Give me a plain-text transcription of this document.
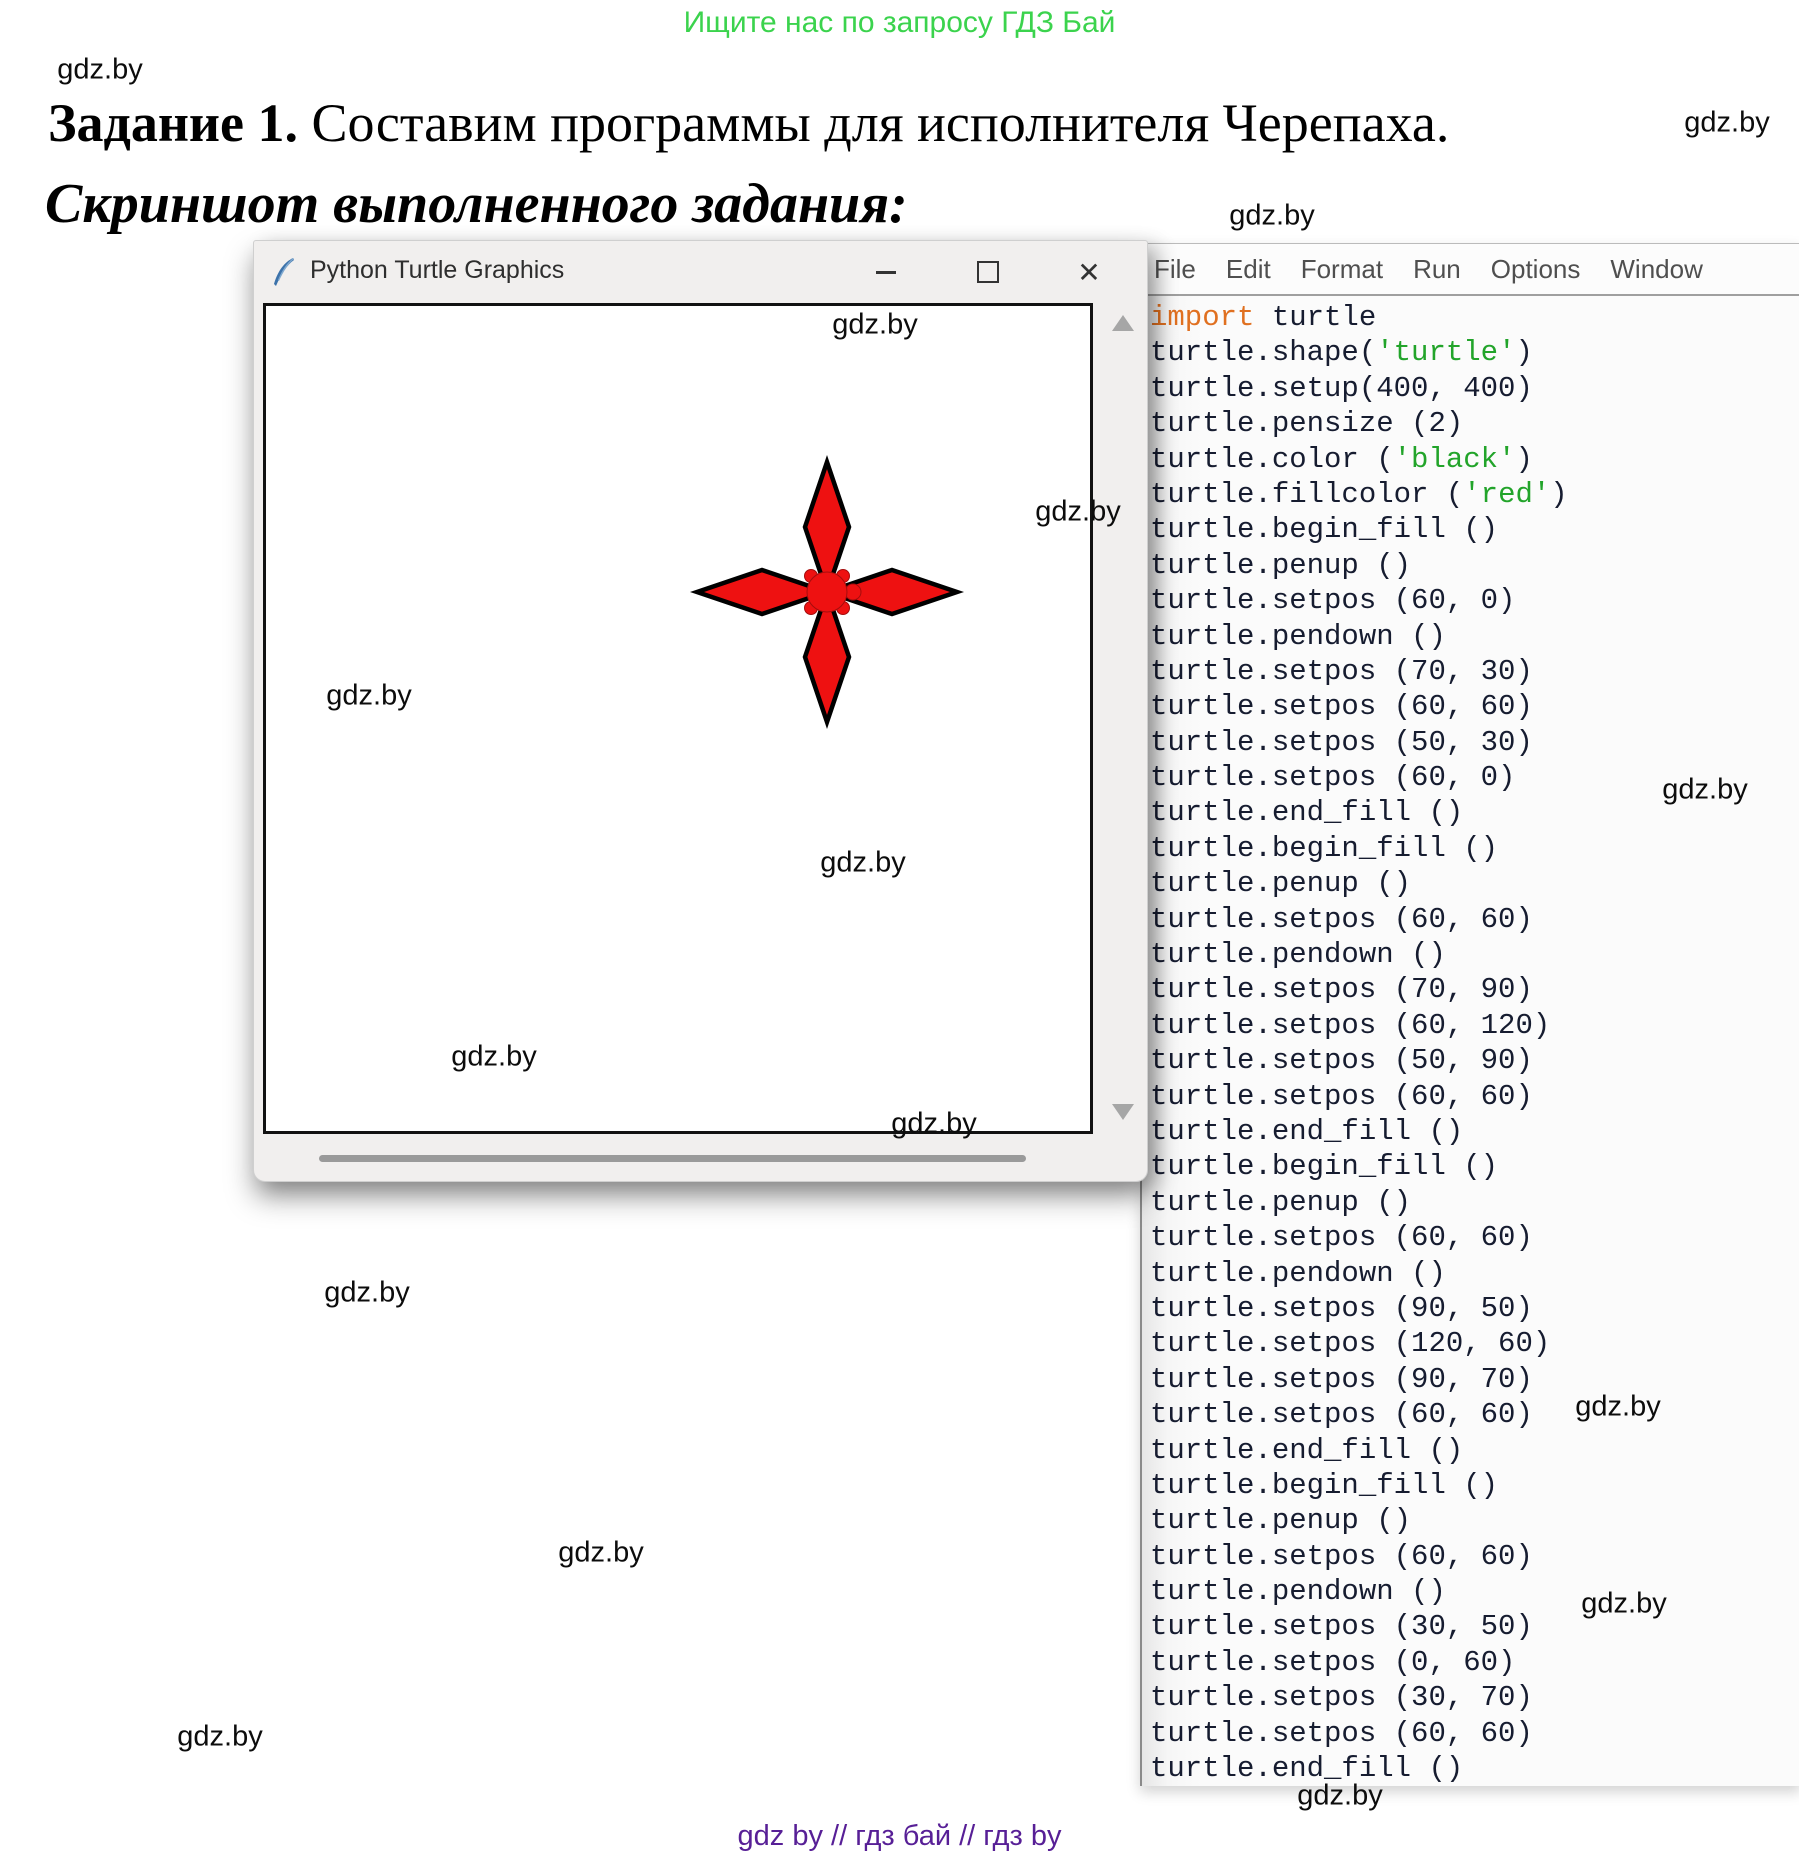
Ищите нас по запросу ГДЗ Бай
Задание 1. Составим программы для исполнителя Черепаха.
Скриншот выполненного задания:
File Edit Format Run Options Window
import turtle
turtle.shape('turtle')
turtle.setup(400, 400)
turtle.pensize (2)
turtle.color ('black')
turtle.fillcolor ('red')
turtle.begin_fill ()
turtle.penup ()
turtle.setpos (60, 0)
turtle.pendown ()
turtle.setpos (70, 30)
turtle.setpos (60, 60)
turtle.setpos (50, 30)
turtle.setpos (60, 0)
turtle.end_fill ()
turtle.begin_fill ()
turtle.penup ()
turtle.setpos (60, 60)
turtle.pendown ()
turtle.setpos (70, 90)
turtle.setpos (60, 120)
turtle.setpos (50, 90)
turtle.setpos (60, 60)
turtle.end_fill ()
turtle.begin_fill ()
turtle.penup ()
turtle.setpos (60, 60)
turtle.pendown ()
turtle.setpos (90, 50)
turtle.setpos (120, 60)
turtle.setpos (90, 70)
turtle.setpos (60, 60)
turtle.end_fill ()
turtle.begin_fill ()
turtle.penup ()
turtle.setpos (60, 60)
turtle.pendown ()
turtle.setpos (30, 50)
turtle.setpos (0, 60)
turtle.setpos (30, 70)
turtle.setpos (60, 60)
turtle.end_fill ()
Python Turtle Graphics	✕
gdz.by
gdz.by
gdz.by
gdz.by
gdz.by
gdz.by
gdz.by
gdz.by
gdz.by
gdz.by
gdz.by
gdz.by
gdz.by
gdz.by
gdz.by
gdz.by
gdz by // гдз бай // гдз by
